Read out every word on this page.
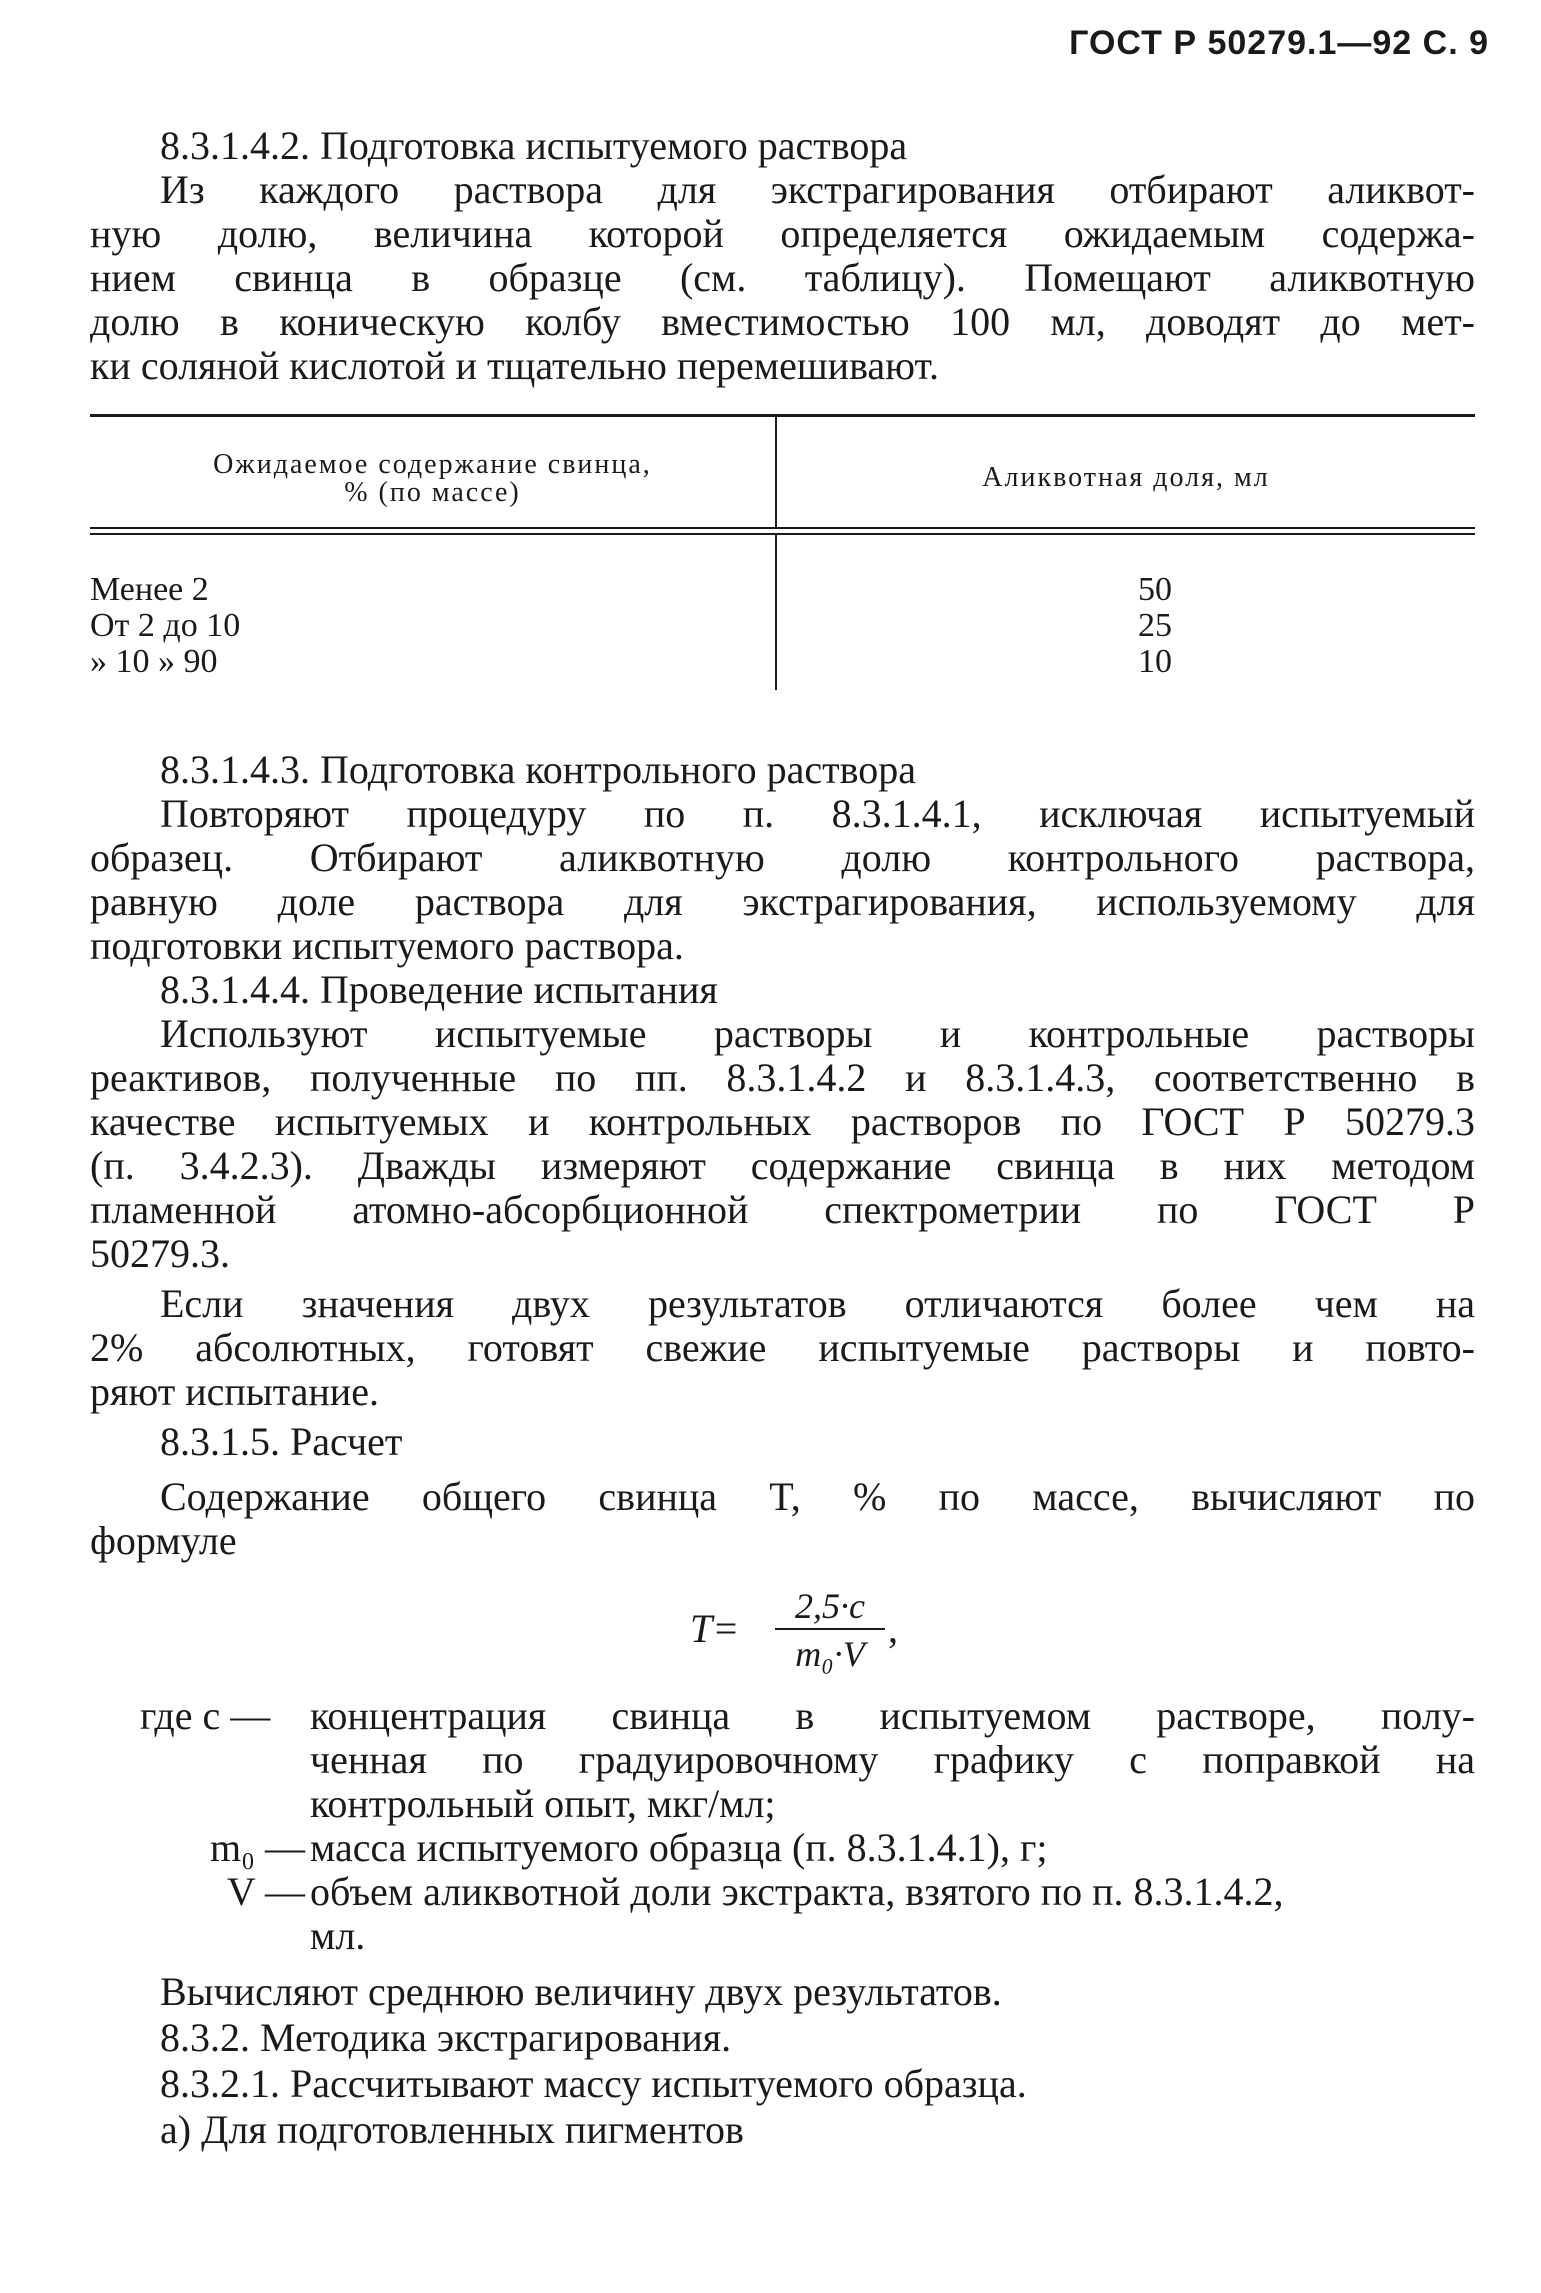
ГОСТ Р 50279.1—92 С. 9
8.3.1.4.2. Подготовка испытуемого раствора
Из каждого раствора для экстрагирования отбирают аликвот-
ную долю, величина которой определяется ожидаемым содержа-
нием свинца в образце (см. таблицу). Помещают аликвотную
долю в коническую колбу вместимостью 100 мл, доводят до мет-
ки соляной кислотой и тщательно перемешивают.
Ожидаемое содержание свинца,
% (по массе)	Аликвотная доля, мл
Менее 2	50
От 2 до 10	25
» 10 » 90	10
8.3.1.4.3. Подготовка контрольного раствора
Повторяют процедуру по п. 8.3.1.4.1, исключая испытуемый
образец. Отбирают аликвотную долю контрольного раствора,
равную доле раствора для экстрагирования, используемому для
подготовки испытуемого раствора.
8.3.1.4.4. Проведение испытания
Используют испытуемые растворы и контрольные растворы
реактивов, полученные по пп. 8.3.1.4.2 и 8.3.1.4.3, соответственно в
качестве испытуемых и контрольных растворов по ГОСТ Р 50279.3
(п. 3.4.2.3). Дважды измеряют содержание свинца в них методом
пламенной атомно-абсорбционной спектрометрии по ГОСТ Р
50279.3.
Если значения двух результатов отличаются более чем на
2% абсолютных, готовят свежие испытуемые растворы и повто-
ряют испытание.
8.3.1.5. Расчет
Содержание общего свинца T, % по массе, вычисляют по
формуле
T=	2,5·c
m₀·V
,
где c — концентрация свинца в испытуемом растворе, полу-
ченная по градуировочному графику с поправкой на
контрольный опыт, мкг/мл;
m₀ — масса испытуемого образца (п. 8.3.1.4.1), г;
V — объем аликвотной доли экстракта, взятого по п. 8.3.1.4.2,
мл.
Вычисляют среднюю величину двух результатов.
8.3.2. Методика экстрагирования.
8.3.2.1. Рассчитывают массу испытуемого образца.
а) Для подготовленных пигментов
